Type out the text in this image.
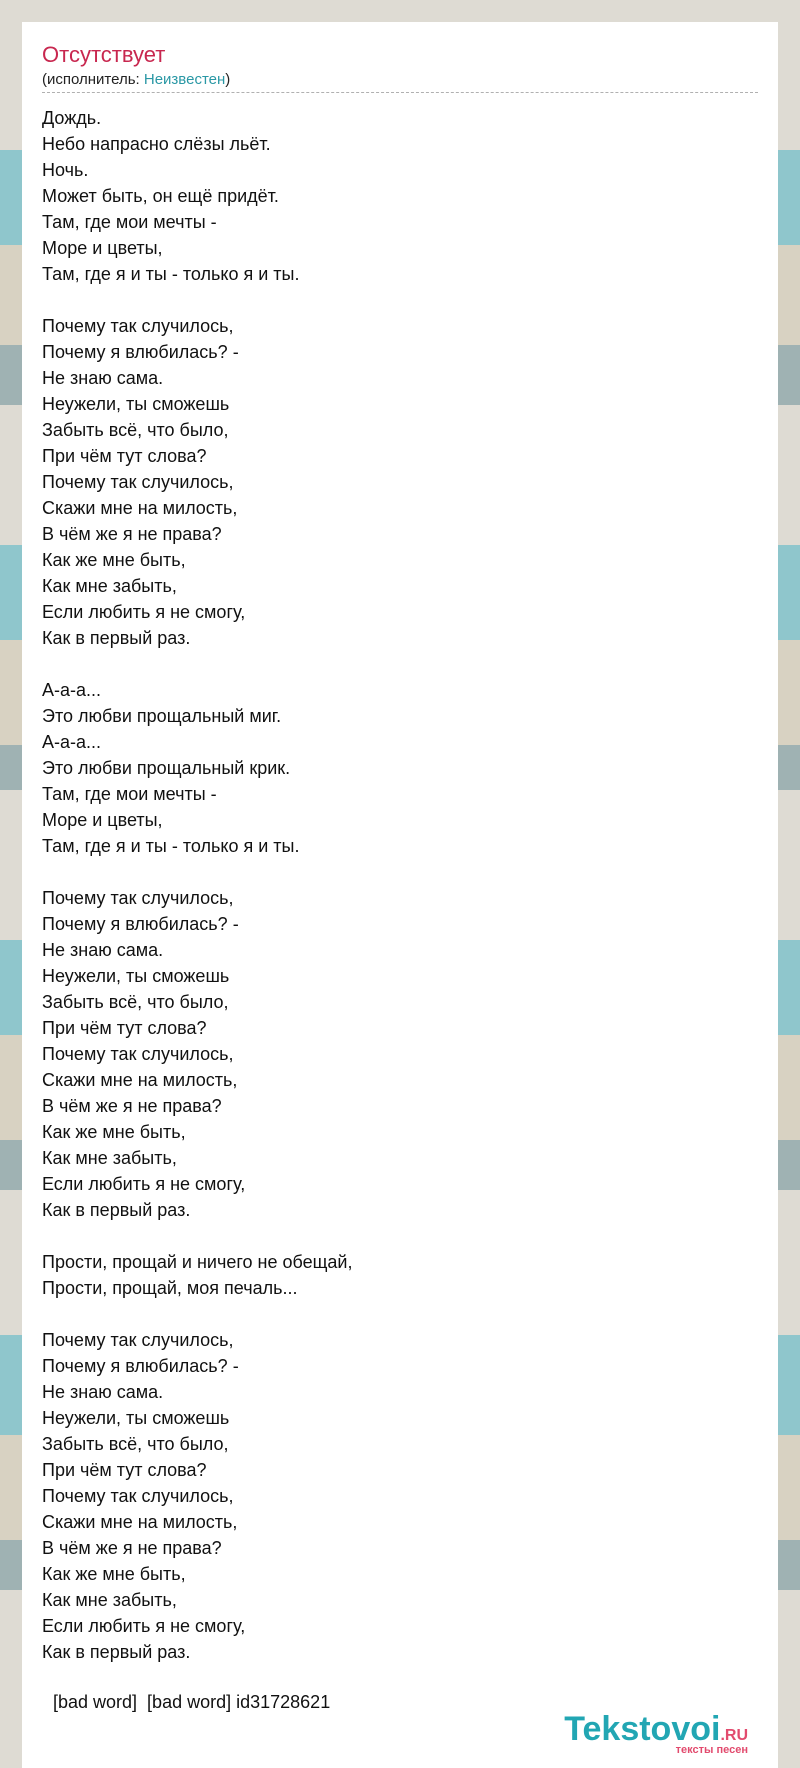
Отсутствует
(исполнитель: Неизвестен)
Дождь.
Небо напрасно слёзы льёт.
Ночь.
Может быть, он ещё придёт.
Там, где мои мечты -
Море и цветы,
Там, где я и ты - только я и ты.
Почему так случилось,
Почему я влюбилась? -
Не знаю сама.
Неужели, ты сможешь
Забыть всё, что было,
При чём тут слова?
Почему так случилось,
Скажи мне на милость,
В чём же я не права?
Как же мне быть,
Как мне забыть,
Если любить я не смогу,
Как в первый раз.
А-а-а...
Это любви прощальный миг.
А-а-а...
Это любви прощальный крик.
Там, где мои мечты -
Море и цветы,
Там, где я и ты - только я и ты.
Почему так случилось,
Почему я влюбилась? -
Не знаю сама.
Неужели, ты сможешь
Забыть всё, что было,
При чём тут слова?
Почему так случилось,
Скажи мне на милость,
В чём же я не права?
Как же мне быть,
Как мне забыть,
Если любить я не смогу,
Как в первый раз.
Прости, прощай и ничего не обещай,
Прости, прощай, моя печаль...
Почему так случилось,
Почему я влюбилась? -
Не знаю сама.
Неужели, ты сможешь
Забыть всё, что было,
При чём тут слова?
Почему так случилось,
Скажи мне на милость,
В чём же я не права?
Как же мне быть,
Как мне забыть,
Если любить я не смогу,
Как в первый раз.
[bad word]  [bad word] id31728621
Tekstovoi.RU
тексты песен
